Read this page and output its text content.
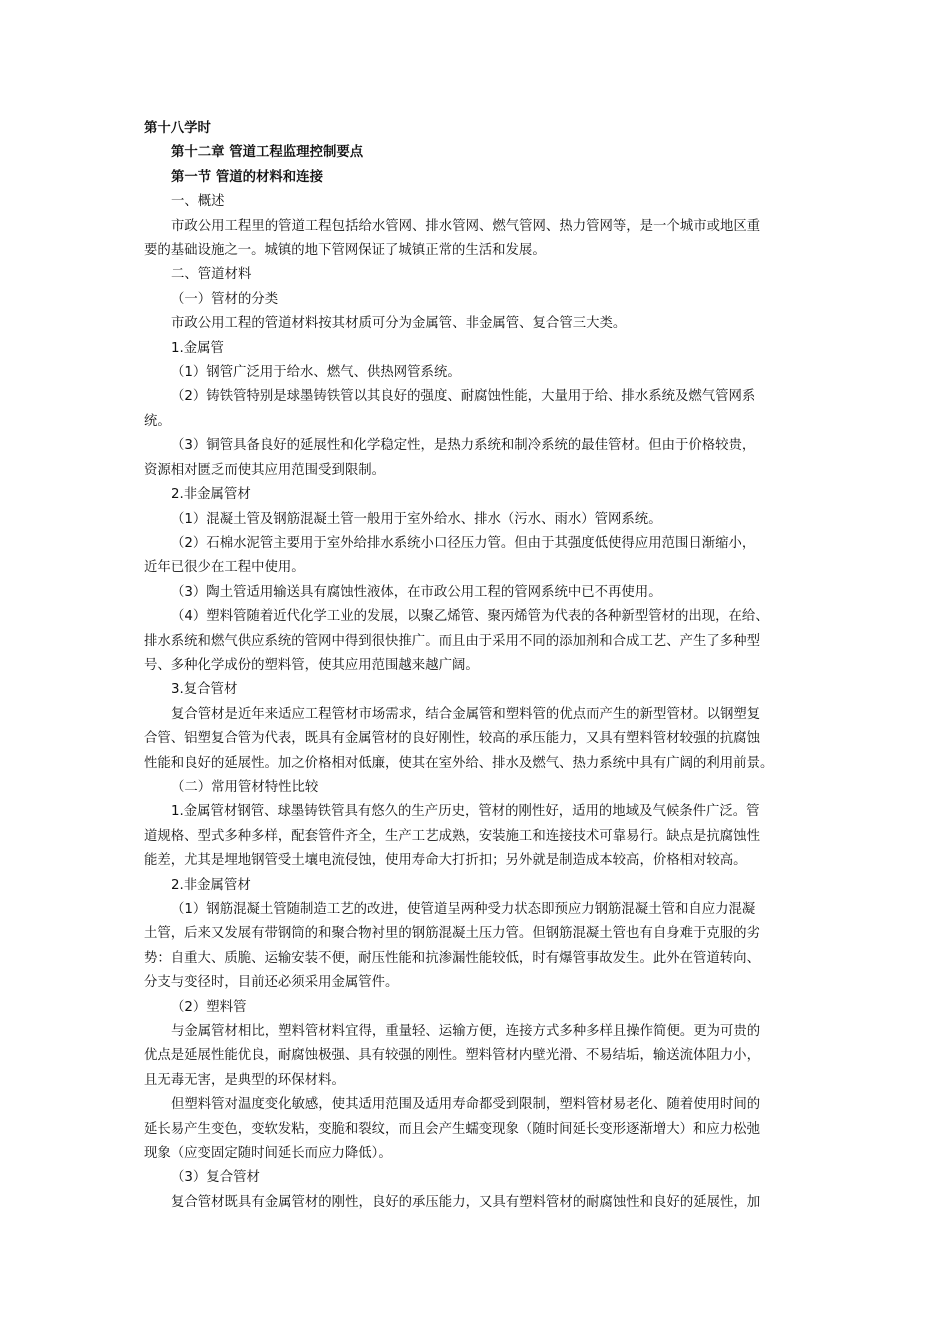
第十八学时

第十二章 管道工程监理控制要点

第一节 管道的材料和连接

一、概述

市政公用工程里的管道工程包括给水管网、排水管网、燃气管网、热力管网等，是一个城市或地区重

要的基础设施之一。城镇的地下管网保证了城镇正常的生活和发展。

二、管道材料

（一）管材的分类

市政公用工程的管道材料按其材质可分为金属管、非金属管、复合管三大类。

1.金属管

（1）钢管广泛用于给水、燃气、供热网管系统。

（2）铸铁管特别是球墨铸铁管以其良好的强度、耐腐蚀性能，大量用于给、排水系统及燃气管网系

统。

（3）铜管具备良好的延展性和化学稳定性，是热力系统和制冷系统的最佳管材。但由于价格较贵，

资源相对匮乏而使其应用范围受到限制。

2.非金属管材

（1）混凝土管及钢筋混凝土管一般用于室外给水、排水（污水、雨水）管网系统。

（2）石棉水泥管主要用于室外给排水系统小口径压力管。但由于其强度低使得应用范围日渐缩小，

近年已很少在工程中使用。

（3）陶土管适用输送具有腐蚀性液体，在市政公用工程的管网系统中已不再使用。

（4）塑料管随着近代化学工业的发展，以聚乙烯管、聚丙烯管为代表的各种新型管材的出现，在给、

排水系统和燃气供应系统的管网中得到很快推广。而且由于采用不同的添加剂和合成工艺、产生了多种型

号、多种化学成份的塑料管，使其应用范围越来越广阔。

3.复合管材

复合管材是近年来适应工程管材市场需求，结合金属管和塑料管的优点而产生的新型管材。以钢塑复

合管、铝塑复合管为代表，既具有金属管材的良好刚性，较高的承压能力，又具有塑料管材较强的抗腐蚀

性能和良好的延展性。加之价格相对低廉，使其在室外给、排水及燃气、热力系统中具有广阔的利用前景。

（二）常用管材特性比较

1.金属管材钢管、球墨铸铁管具有悠久的生产历史，管材的刚性好，适用的地域及气候条件广泛。管

道规格、型式多种多样，配套管件齐全，生产工艺成熟，安装施工和连接技术可靠易行。缺点是抗腐蚀性

能差，尤其是埋地钢管受土壤电流侵蚀，使用寿命大打折扣；另外就是制造成本较高，价格相对较高。

2.非金属管材

（1）钢筋混凝土管随制造工艺的改进，使管道呈两种受力状态即预应力钢筋混凝土管和自应力混凝

土管，后来又发展有带钢筒的和聚合物衬里的钢筋混凝土压力管。但钢筋混凝土管也有自身难于克服的劣

势：自重大、质脆、运输安装不便，耐压性能和抗渗漏性能较低，时有爆管事故发生。此外在管道转向、

分支与变径时，目前还必须采用金属管件。

（2）塑料管

与金属管材相比，塑料管材料宜得，重量轻、运输方便，连接方式多种多样且操作简便。更为可贵的

优点是延展性能优良，耐腐蚀极强、具有较强的刚性。塑料管材内壁光滑、不易结垢，输送流体阻力小，

且无毒无害，是典型的环保材料。

但塑料管对温度变化敏感，使其适用范围及适用寿命都受到限制，塑料管材易老化、随着使用时间的

延长易产生变色，变软发粘，变脆和裂纹，而且会产生蠕变现象（随时间延长变形逐渐增大）和应力松弛

现象（应变固定随时间延长而应力降低）。

（3）复合管材

复合管材既具有金属管材的刚性，良好的承压能力，又具有塑料管材的耐腐蚀性和良好的延展性，加
